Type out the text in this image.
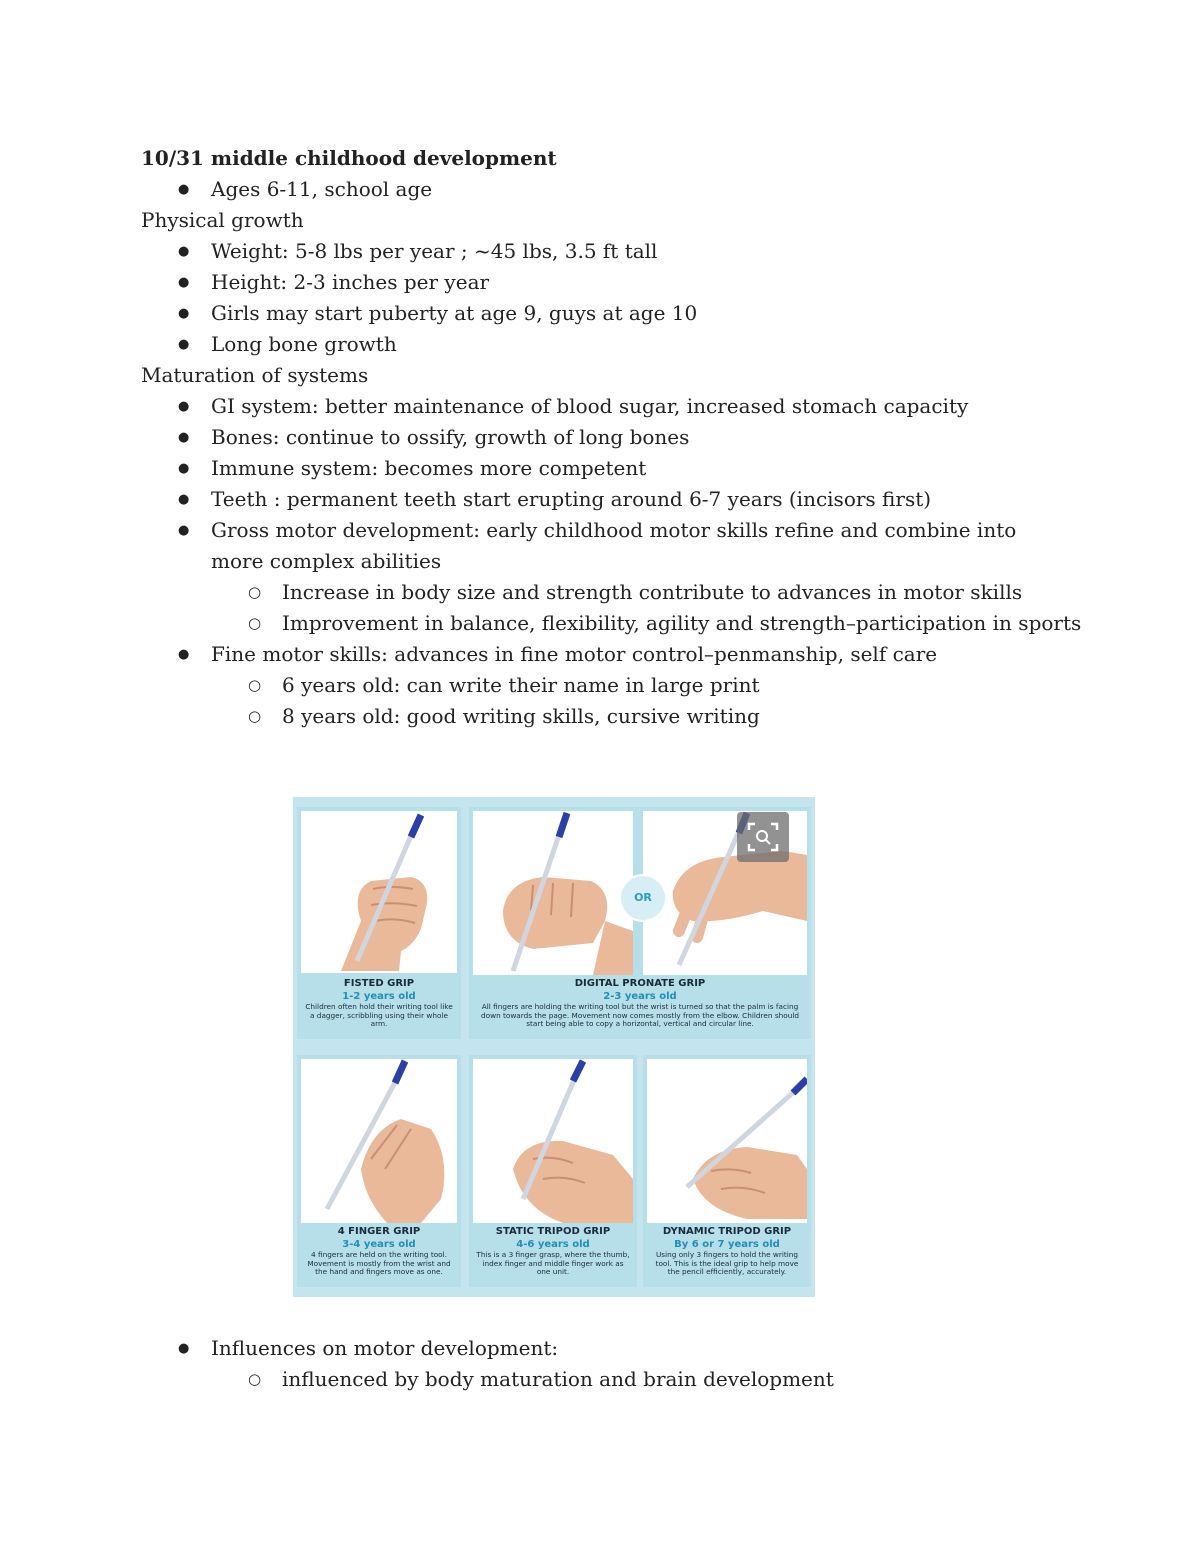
10/31 middle childhood development
● Ages 6-11, school age
Physical growth
● Weight: 5-8 lbs per year ; ~45 lbs, 3.5 ft tall
● Height: 2-3 inches per year
● Girls may start puberty at age 9, guys at age 10
● Long bone growth
Maturation of systems
● GI system: better maintenance of blood sugar, increased stomach capacity
● Bones: continue to ossify, growth of long bones
● Immune system: becomes more competent
● Teeth : permanent teeth start erupting around 6-7 years (incisors first)
● Gross motor development: early childhood motor skills refine and combine into more complex abilities
○ Increase in body size and strength contribute to advances in motor skills
○ Improvement in balance, flexibility, agility and strength–participation in sports
● Fine motor skills: advances in fine motor control–penmanship, self care
○ 6 years old: can write their name in large print
○ 8 years old: good writing skills, cursive writing
FISTED GRIP
1-2 years old
Children often hold their writing tool like a dagger, scribbling using their whole arm.
DIGITAL PRONATE GRIP
2-3 years old
All fingers are holding the writing tool but the wrist is turned so that the palm is facing down towards the page. Movement now comes mostly from the elbow. Children should start being able to copy a horizontal, vertical and circular line.
4 FINGER GRIP
3-4 years old
4 fingers are held on the writing tool. Movement is mostly from the wrist and the hand and fingers move as one.
STATIC TRIPOD GRIP
4-6 years old
This is a 3 finger grasp, where the thumb, index finger and middle finger work as one unit.
DYNAMIC TRIPOD GRIP
By 6 or 7 years old
Using only 3 fingers to hold the writing tool. This is the ideal grip to help move the pencil efficiently, accurately.
OR
● Influences on motor development:
○ influenced by body maturation and brain development
